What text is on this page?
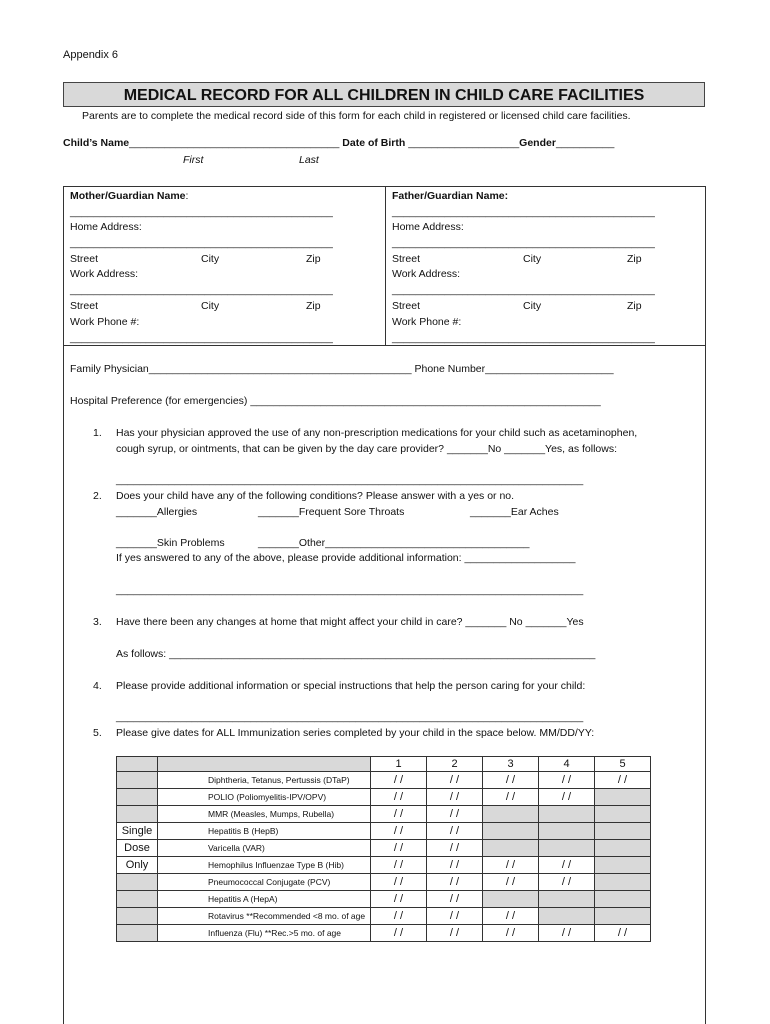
Appendix 6
MEDICAL RECORD FOR ALL CHILDREN IN CHILD CARE FACILITIES
Parents are to complete the medical record side of this form for each child in registered or licensed child care facilities.
Child’s Name____________________________________ Date of Birth ___________________Gender__________
First	Last
Mother/Guardian Name:
_____________________________________________
Home Address:
_____________________________________________
Street	City	Zip
Work Address:
_____________________________________________
Street	City	Zip
Work Phone #:
_____________________________________________
Father/Guardian Name:
_____________________________________________
Home Address:
_____________________________________________
Street	City	Zip
Work Address:
_____________________________________________
Street	City	Zip
Work Phone #:
_____________________________________________
Family Physician_____________________________________________ Phone Number______________________
Hospital Preference (for emergencies) ____________________________________________________________
1. Has your physician approved the use of any non-prescription medications for your child such as acetaminophen,
cough syrup, or ointments, that can be given by the day care provider? _______No _______Yes, as follows:
________________________________________________________________________________
2. Does your child have any of the following conditions? Please answer with a yes or no.
_______Allergies	_______Frequent Sore Throats	_______Ear Aches
_______Skin Problems	_______Other___________________________________
If yes answered to any of the above, please provide additional information: ___________________
________________________________________________________________________________
3. Have there been any changes at home that might affect your child in care? _______ No _______Yes
As follows: _________________________________________________________________________
4. Please provide additional information or special instructions that help the person caring for your child:
________________________________________________________________________________
5. Please give dates for ALL Immunization series completed by your child in the space below. MM/DD/YY:
		1	2	3	4	5
	Diphtheria, Tetanus, Pertussis (DTaP)	/ /	/ /	/ /	/ /	/ /
	POLIO (Poliomyelitis-IPV/OPV)	/ /	/ /	/ /	/ /	
	MMR (Measles, Mumps, Rubella)	/ /	/ /			
Single	Hepatitis B (HepB)	/ /	/ /			
Dose	Varicella (VAR)	/ /	/ /			
Only	Hemophilus Influenzae Type B (Hib)	/ /	/ /	/ /	/ /	
	Pneumococcal Conjugate (PCV)	/ /	/ /	/ /	/ /	
	Hepatitis A (HepA)	/ /	/ /			
	Rotavirus **Recommended <8 mo. of age	/ /	/ /	/ /		
	Influenza (Flu) **Rec.>5 mo. of age	/ /	/ /	/ /	/ /	/ /
